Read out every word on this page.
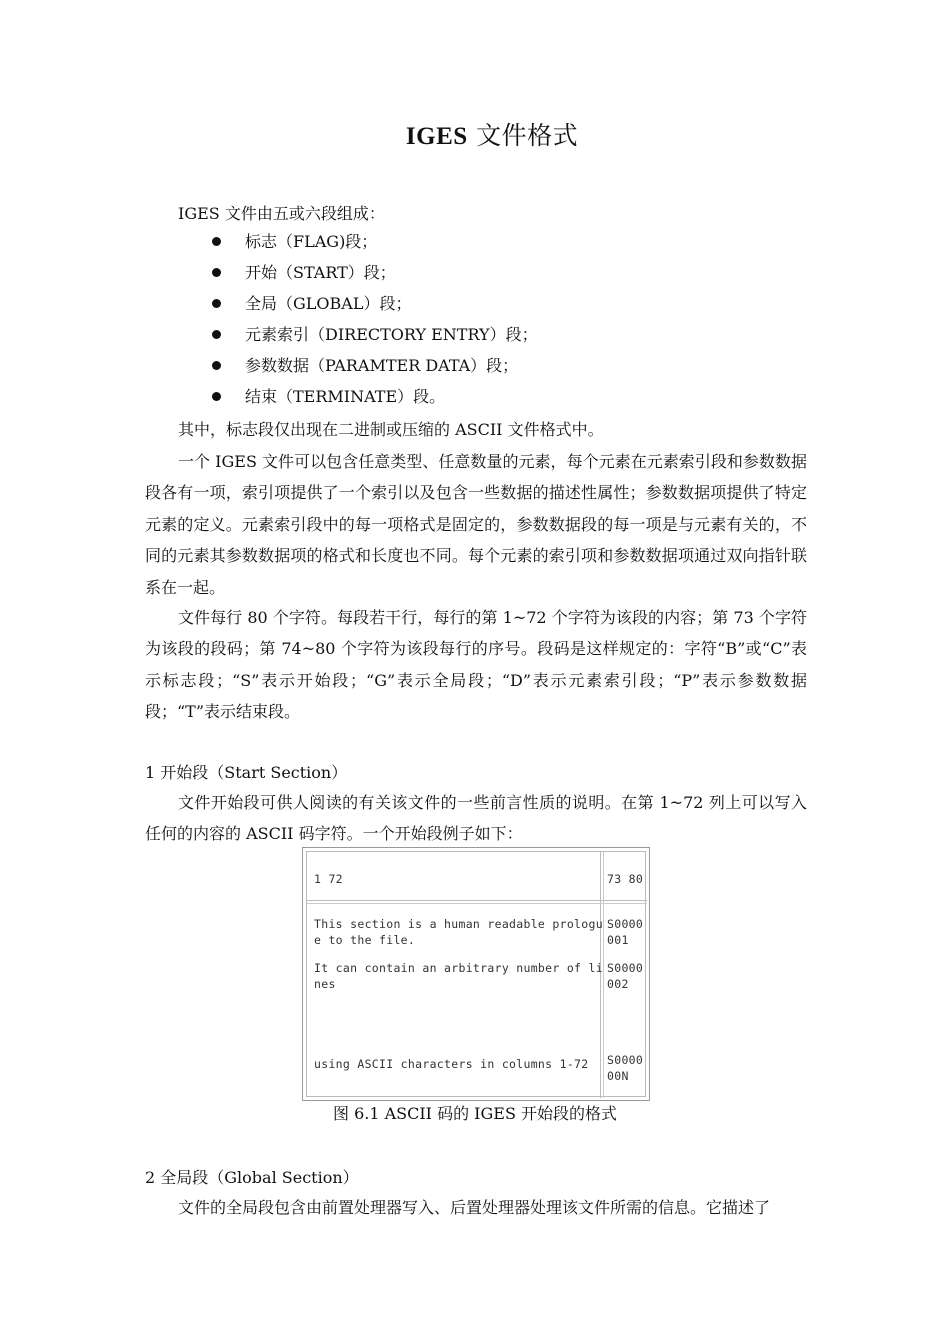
IGES 文件格式
IGES 文件由五或六段组成：
标志（FLAG)段；
开始（START）段；
全局（GLOBAL）段；
元素索引（DIRECTORY ENTRY）段；
参数数据（PARAMTER DATA）段；
结束（TERMINATE）段。
其中，标志段仅出现在二进制或压缩的 ASCII 文件格式中。
一个 IGES 文件可以包含任意类型、任意数量的元素，每个元素在元素索引段和参数数据段各有一项，索引项提供了一个索引以及包含一些数据的描述性属性；参数数据项提供了特定元素的定义。元素索引段中的每一项格式是固定的，参数数据段的每一项是与元素有关的，不同的元素其参数数据项的格式和长度也不同。每个元素的索引项和参数数据项通过双向指针联系在一起。
文件每行 80 个字符。每段若干行，每行的第 1~72 个字符为该段的内容；第 73 个字符为该段的段码；第 74~80 个字符为该段每行的序号。段码是这样规定的：字符“B”或“C”表示标志段；“S”表示开始段；“G”表示全局段；“D”表示元素索引段；“P”表示参数数据段；“T”表示结束段。
1 开始段（Start Section）
文件开始段可供人阅读的有关该文件的一些前言性质的说明。在第 1~72 列上可以写入任何的内容的 ASCII 码字符。一个开始段例子如下：
1 72	73 80
This section is a human readable prologu
e to the file.
S0000
001
It can contain an arbitrary number of li
nes
S0000
002
using ASCII characters in columns 1-72 S0000
00N
图 6.1 ASCII 码的 IGES 开始段的格式
2 全局段（Global Section）
文件的全局段包含由前置处理器写入、后置处理器处理该文件所需的信息。它描述了
